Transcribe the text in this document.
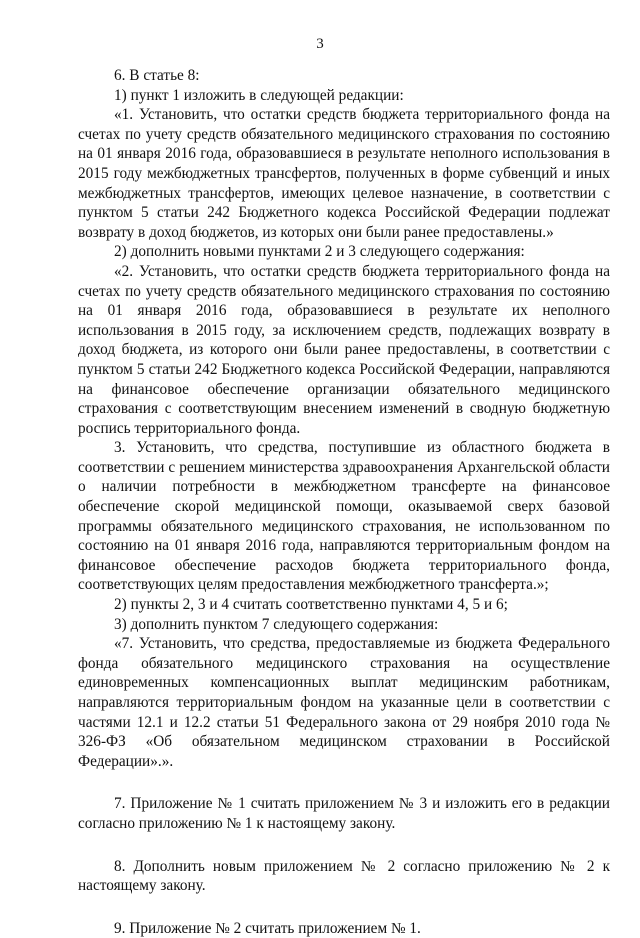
3

6. В статье 8:

1) пункт 1 изложить в следующей редакции:

«1. Установить, что остатки средств бюджета территориального фонда на счетах по учету средств обязательного медицинского страхования по состоянию на 01 января 2016 года, образовавшиеся в результате неполного использования в 2015 году межбюджетных трансфертов, полученных в форме субвенций и иных межбюджетных трансфертов, имеющих целевое назначение, в соответствии с пунктом 5 статьи 242 Бюджетного кодекса Российской Федерации подлежат возврату в доход бюджетов, из которых они были ранее предоставлены.»

2) дополнить новыми пунктами 2 и 3 следующего содержания:

«2. Установить, что остатки средств бюджета территориального фонда на счетах по учету средств обязательного медицинского страхования по состоянию на 01 января 2016 года, образовавшиеся в результате их неполного использования в 2015 году, за исключением средств, подлежащих возврату в доход бюджета, из которого они были ранее предоставлены, в соответствии с пунктом 5 статьи 242 Бюджетного кодекса Российской Федерации, направляются на финансовое обеспечение организации обязательного медицинского страхования с соответствующим внесением изменений в сводную бюджетную роспись территориального фонда.

3. Установить, что средства, поступившие из областного бюджета в соответствии с решением министерства здравоохранения Архангельской области о наличии потребности в межбюджетном трансферте на финансовое обеспечение скорой медицинской помощи, оказываемой сверх базовой программы обязательного медицинского страхования, не использованном по состоянию на 01 января 2016 года, направляются территориальным фондом на финансовое обеспечение расходов бюджета территориального фонда, соответствующих целям предоставления межбюджетного трансферта.»;

2) пункты 2, 3 и 4 считать соответственно пунктами 4, 5 и 6;

3) дополнить пунктом 7 следующего содержания:

«7. Установить, что средства, предоставляемые из бюджета Федерального фонда обязательного медицинского страхования на осуществление единовременных компенсационных выплат медицинским работникам, направляются территориальным фондом на указанные цели в соответствии с частями 12.1 и 12.2 статьи 51 Федерального закона от 29 ноября 2010 года № 326-ФЗ «Об обязательном медицинском страховании в Российской Федерации».».

7. Приложение № 1 считать приложением № 3 и изложить его в редакции согласно приложению № 1 к настоящему закону.

8. Дополнить новым приложением № 2 согласно приложению № 2 к настоящему закону.

9. Приложение № 2 считать приложением № 1.
